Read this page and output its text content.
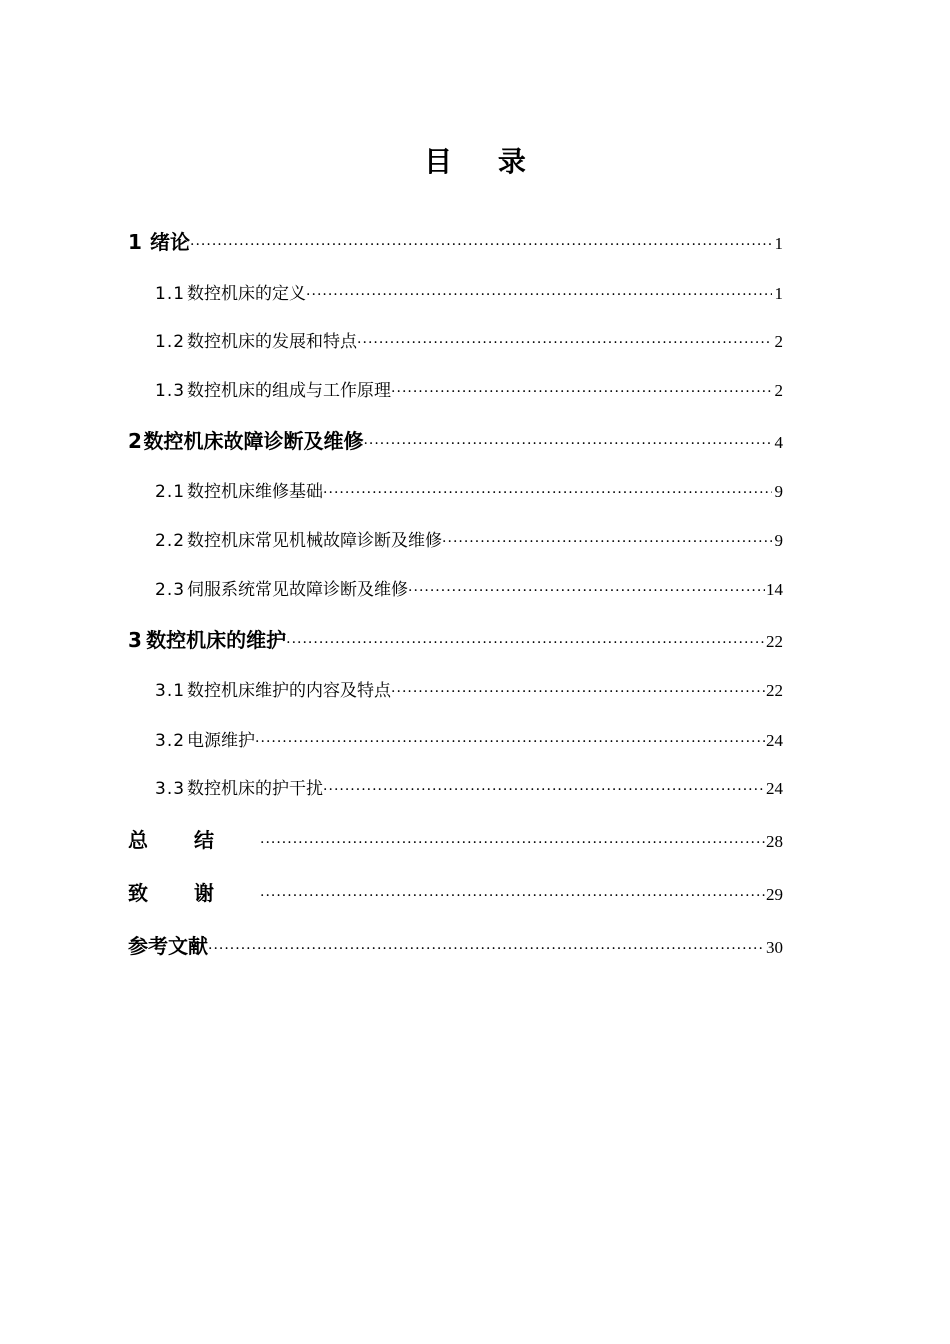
目 录
1 绪论 ·····	1
1.1 数控机床的定义 ·····	1
1.2 数控机床的发展和特点 ·····	2
1.3 数控机床的组成与工作原理 ·····	2
2 数控机床故障诊断及维修 ·····	4
2.1 数控机床维修基础 ·····	9
2.2 数控机床常见机械故障诊断及维修 ·····	9
2.3 伺服系统常见故障诊断及维修 ·····	14
3 数控机床的维护 ·····	22
3.1 数控机床维护的内容及特点 ·····	22
3.2 电源维护 ·····	24
3.3 数控机床的护干扰 ·····	24
总结 ·····	28
致谢 ·····	29
参考文献 ·····	30
